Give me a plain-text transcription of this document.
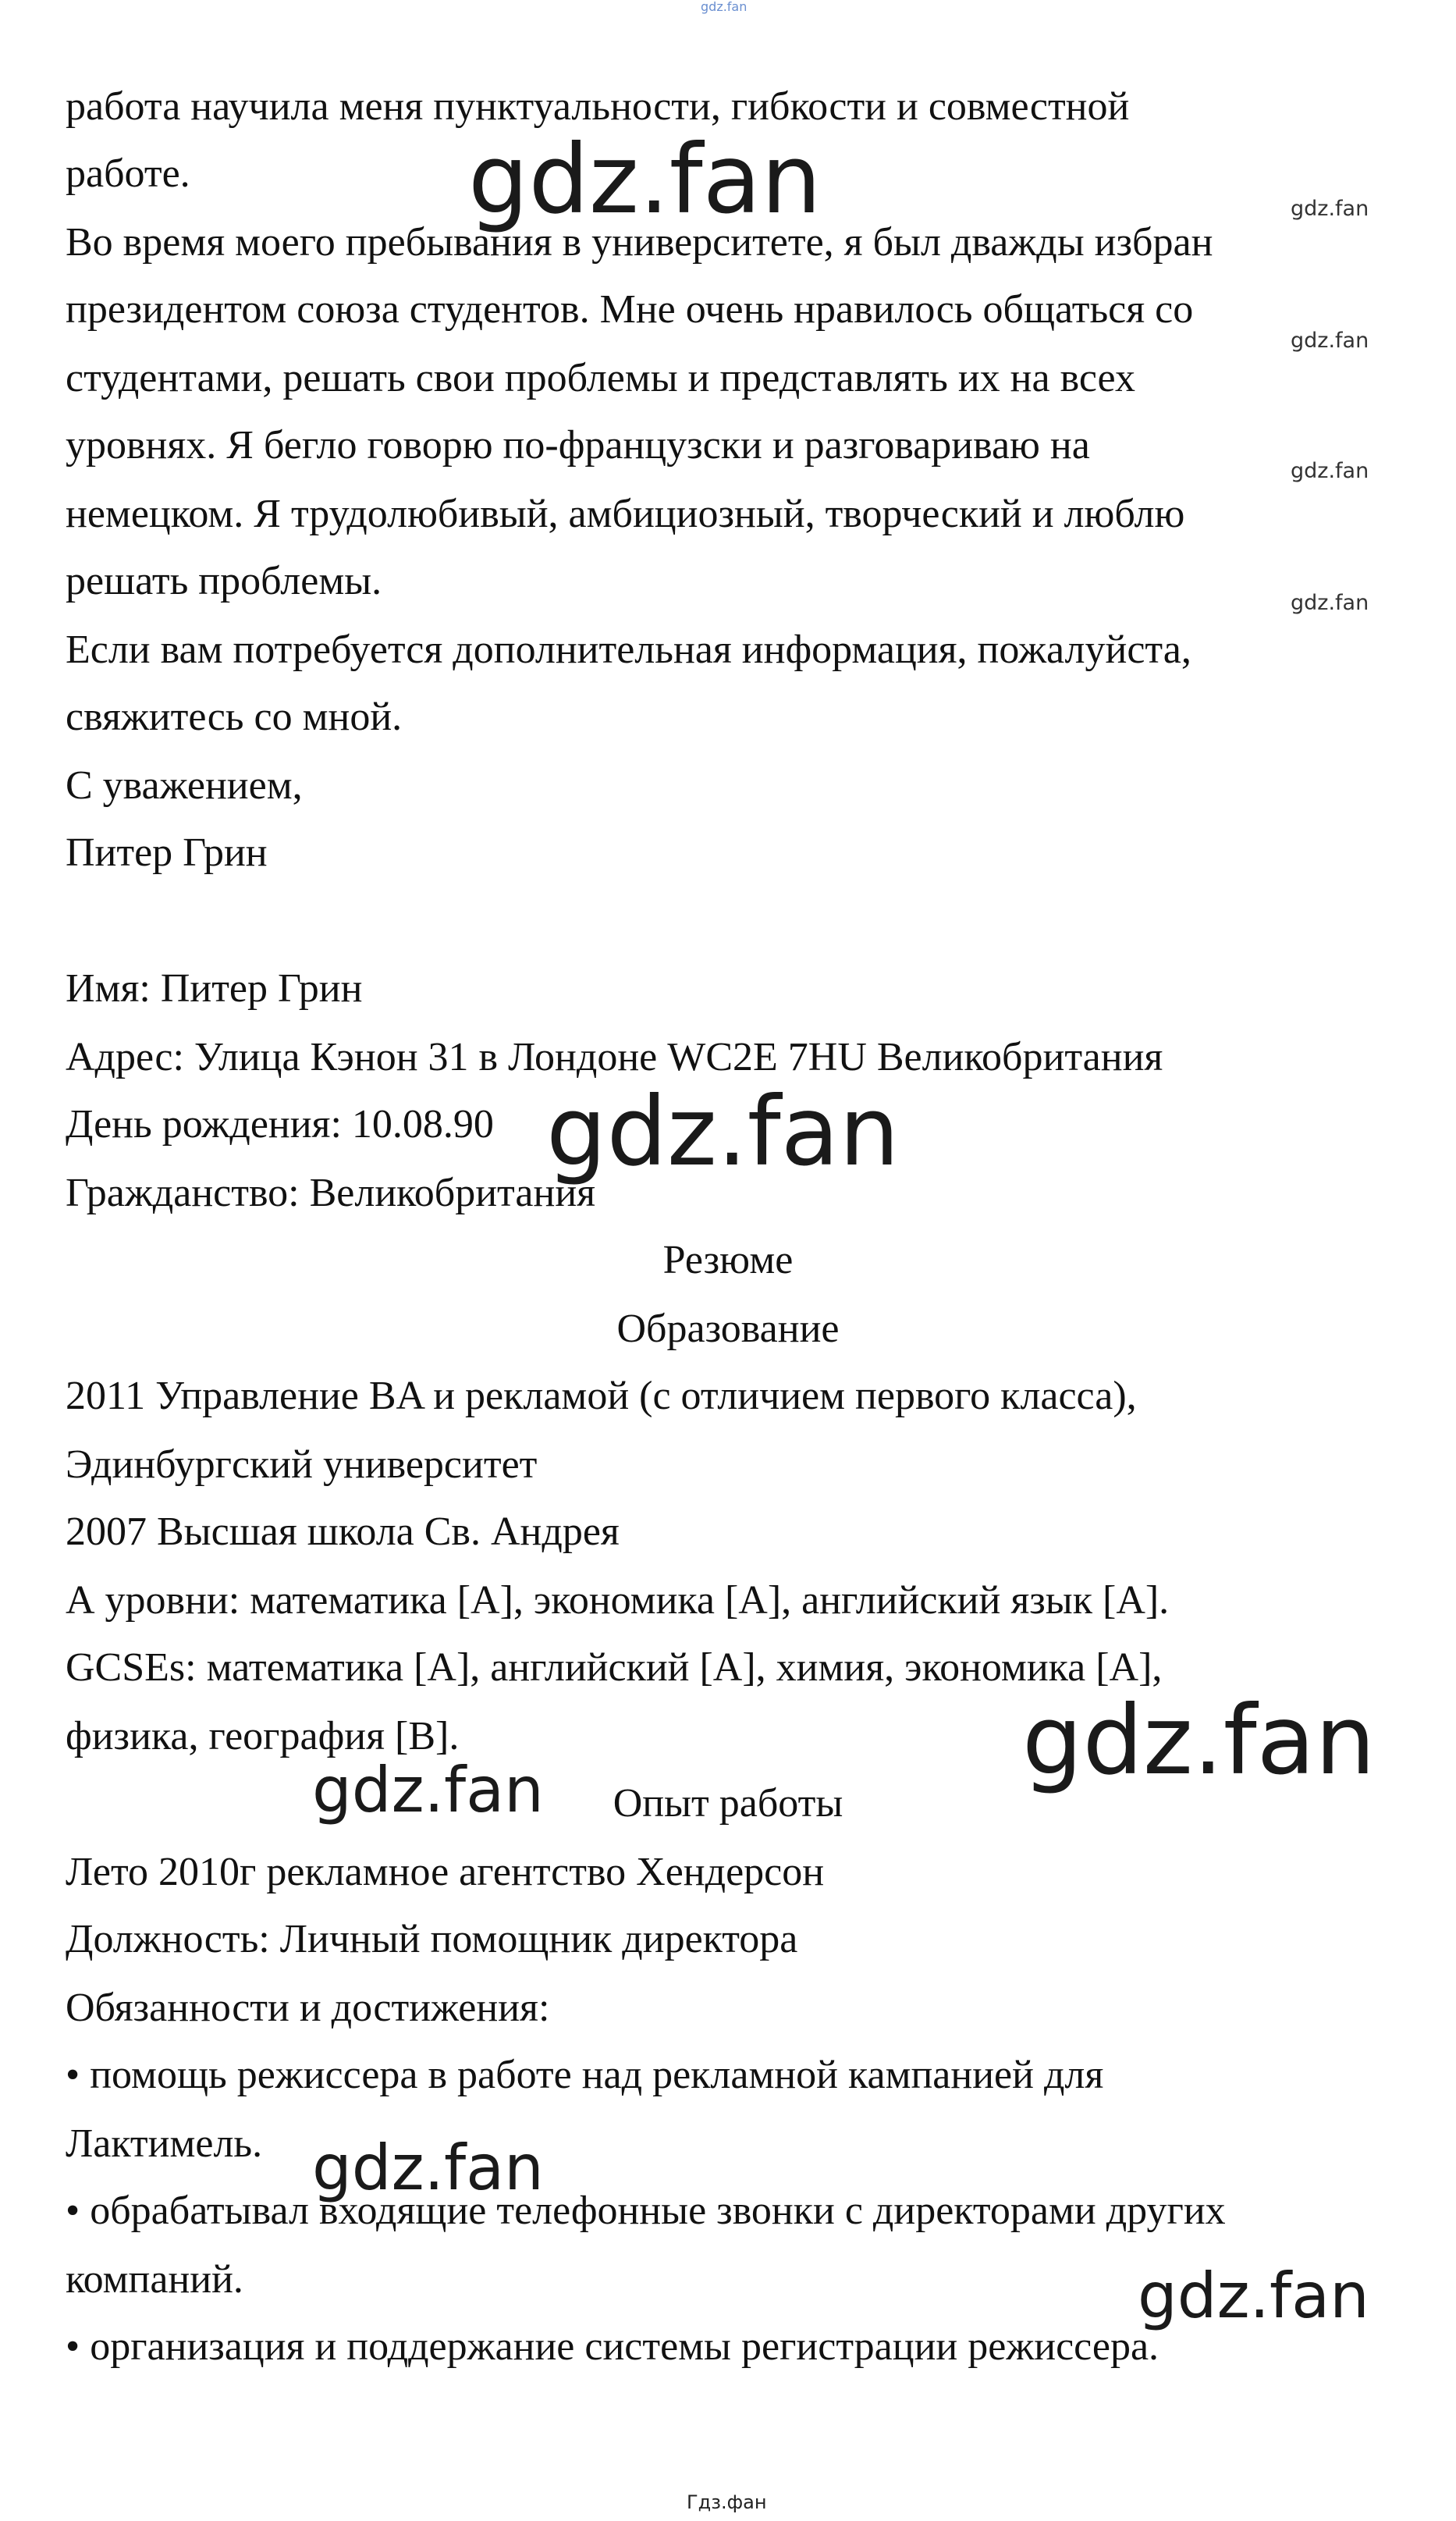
gdz.fan
работа научила меня пунктуальности, гибкости и совместной
работе.
Во время моего пребывания в университете, я был дважды избран
президентом союза студентов. Мне очень нравилось общаться со
студентами, решать свои проблемы и представлять их на всех
уровнях. Я бегло говорю по-французски и разговариваю на
немецком. Я трудолюбивый, амбициозный, творческий и люблю
решать проблемы.
Если вам потребуется дополнительная информация, пожалуйста,
свяжитесь со мной.
С уважением,
Питер Грин
Имя: Питер Грин
Адрес: Улица Кэнон 31 в Лондоне WC2E 7HU Великобритания
День рождения: 10.08.90
Гражданство: Великобритания
Резюме
Образование
2011 Управление BA и рекламой (с отличием первого класса),
Эдинбургский университет
2007 Высшая школа Св. Андрея
А уровни: математика [А], экономика [А], английский язык [А].
GCSEs: математика [А], английский [А], химия, экономика [А],
физика, география [В].
Опыт работы
Лето 2010г рекламное агентство Хендерсон
Должность: Личный помощник директора
Обязанности и достижения:
• помощь режиссера в работе над рекламной кампанией для
Лактимель.
• обрабатывал входящие телефонные звонки с директорами других
компаний.
• организация и поддержание системы регистрации режиссера.
gdz.fan
gdz.fan
gdz.fan
gdz.fan
gdz.fan
gdz.fan
gdz.fan
gdz.fan
gdz.fan
gdz.fan
Гдз.фан
